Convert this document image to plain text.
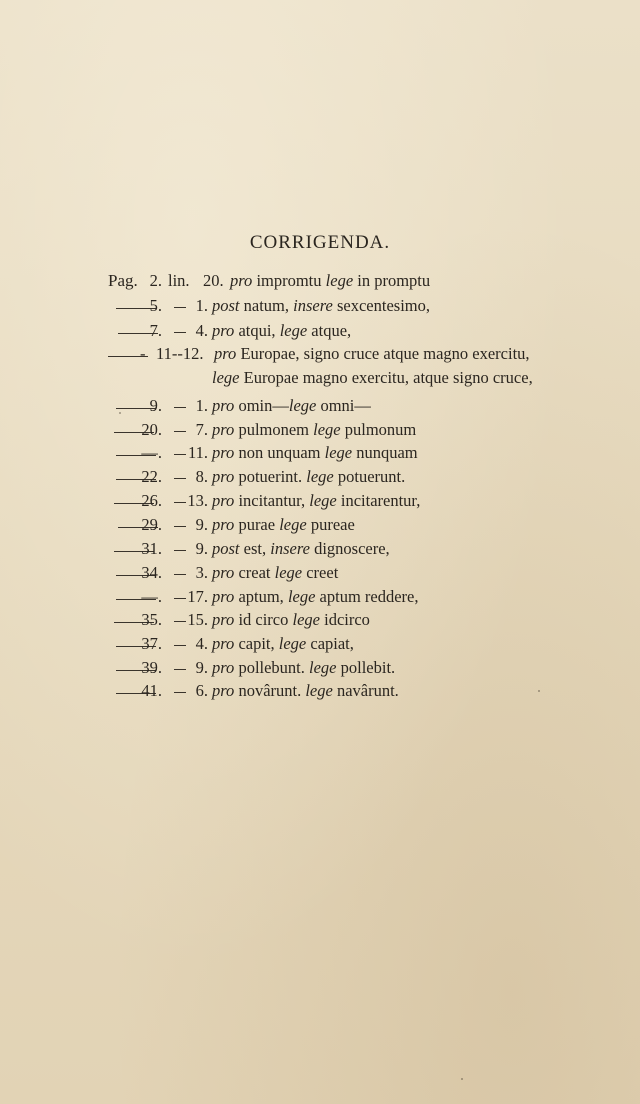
CORRIGENDA.
Pag. 2. lin. 20. pro impromtu lege in promptu
5.	1. post natum, insere sexcentesimo,
7.	4. pro atqui, lege atque,
- 11--12. pro Europae, signo cruce atque magno exercitu,
lege Europae magno exercitu, atque signo cruce,
9.	1. pro omin—lege omni—
20.	7. pro pulmonem lege pulmonum
—. 11. pro non unquam lege nunquam
22.	8. pro potuerint. lege potuerunt.
26. 13. pro incitantur, lege incitarentur,
29.	9. pro purae lege pureae
31.	9. post est, insere dignoscere,
34.	3. pro creat lege creet
—. 17. pro aptum, lege aptum reddere,
35. 15. pro id circo lege idcirco
37.	4. pro capit, lege capiat,
39.	9. pro pollebunt. lege pollebit.
41.	6. pro novârunt. lege navârunt.
